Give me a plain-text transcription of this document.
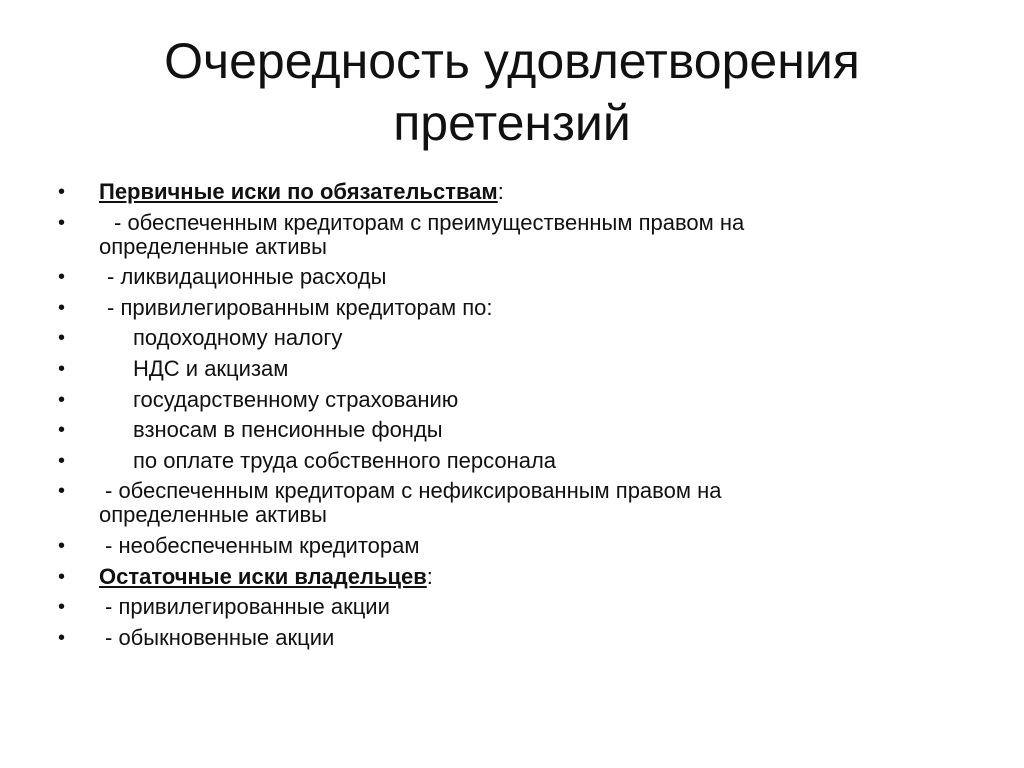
Очередность удовлетворения
претензий
• Первичные иски по обязательствам:
• - обеспеченным кредиторам с преимущественным правом на
определенные активы
• - ликвидационные расходы
• - привилегированным кредиторам по:
•	подоходному налогу
•	НДС и акцизам
•	государственному страхованию
•	взносам в пенсионные фонды
•	по оплате труда собственного персонала
• - обеспеченным кредиторам с нефиксированным правом на
определенные активы
• - необеспеченным кредиторам
• Остаточные иски владельцев:
• - привилегированные акции
• - обыкновенные акции
